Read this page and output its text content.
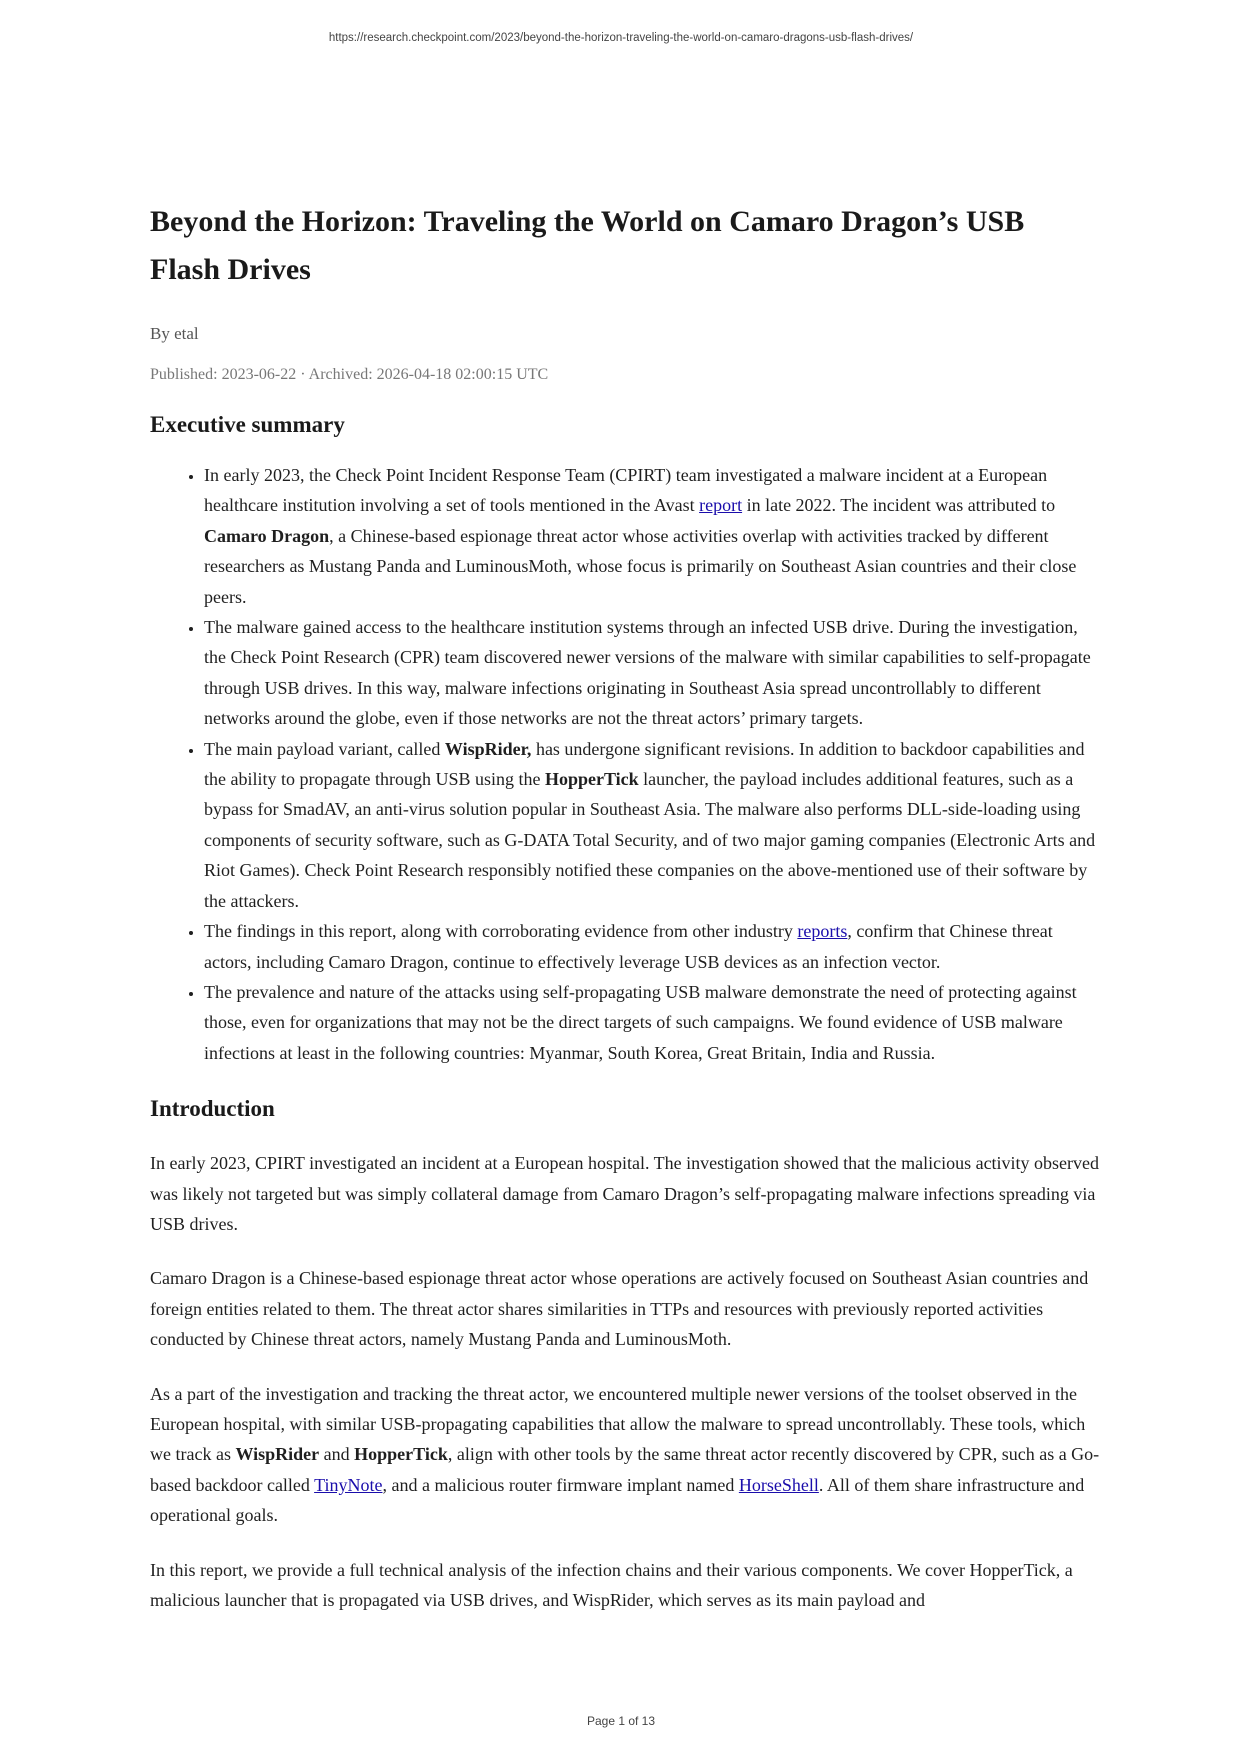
https://research.checkpoint.com/2023/beyond-the-horizon-traveling-the-world-on-camaro-dragons-usb-flash-drives/
Beyond the Horizon: Traveling the World on Camaro Dragon’s USB Flash Drives
By etal
Published: 2023-06-22 · Archived: 2026-04-18 02:00:15 UTC
Executive summary
• In early 2023, the Check Point Incident Response Team (CPIRT) team investigated a malware incident at a European healthcare institution involving a set of tools mentioned in the Avast report in late 2022. The incident was attributed to Camaro Dragon, a Chinese-based espionage threat actor whose activities overlap with activities tracked by different researchers as Mustang Panda and LuminousMoth, whose focus is primarily on Southeast Asian countries and their close peers.
• The malware gained access to the healthcare institution systems through an infected USB drive. During the investigation, the Check Point Research (CPR) team discovered newer versions of the malware with similar capabilities to self-propagate through USB drives. In this way, malware infections originating in Southeast Asia spread uncontrollably to different networks around the globe, even if those networks are not the threat actors’ primary targets.
• The main payload variant, called WispRider, has undergone significant revisions. In addition to backdoor capabilities and the ability to propagate through USB using the HopperTick launcher, the payload includes additional features, such as a bypass for SmadAV, an anti-virus solution popular in Southeast Asia. The malware also performs DLL-side-loading using components of security software, such as G-DATA Total Security, and of two major gaming companies (Electronic Arts and Riot Games). Check Point Research responsibly notified these companies on the above-mentioned use of their software by the attackers.
• The findings in this report, along with corroborating evidence from other industry reports, confirm that Chinese threat actors, including Camaro Dragon, continue to effectively leverage USB devices as an infection vector.
• The prevalence and nature of the attacks using self-propagating USB malware demonstrate the need of protecting against those, even for organizations that may not be the direct targets of such campaigns. We found evidence of USB malware infections at least in the following countries: Myanmar, South Korea, Great Britain, India and Russia.
Introduction

In early 2023, CPIRT investigated an incident at a European hospital. The investigation showed that the malicious activity observed was likely not targeted but was simply collateral damage from Camaro Dragon’s self-propagating malware infections spreading via USB drives.

Camaro Dragon is a Chinese-based espionage threat actor whose operations are actively focused on Southeast Asian countries and foreign entities related to them. The threat actor shares similarities in TTPs and resources with previously reported activities conducted by Chinese threat actors, namely Mustang Panda and LuminousMoth.

As a part of the investigation and tracking the threat actor, we encountered multiple newer versions of the toolset observed in the European hospital, with similar USB-propagating capabilities that allow the malware to spread uncontrollably. These tools, which we track as WispRider and HopperTick, align with other tools by the same threat actor recently discovered by CPR, such as a Go-based backdoor called TinyNote, and a malicious router firmware implant named HorseShell. All of them share infrastructure and operational goals.

In this report, we provide a full technical analysis of the infection chains and their various components. We cover HopperTick, a malicious launcher that is propagated via USB drives, and WispRider, which serves as its main payload and

Page 1 of 13
